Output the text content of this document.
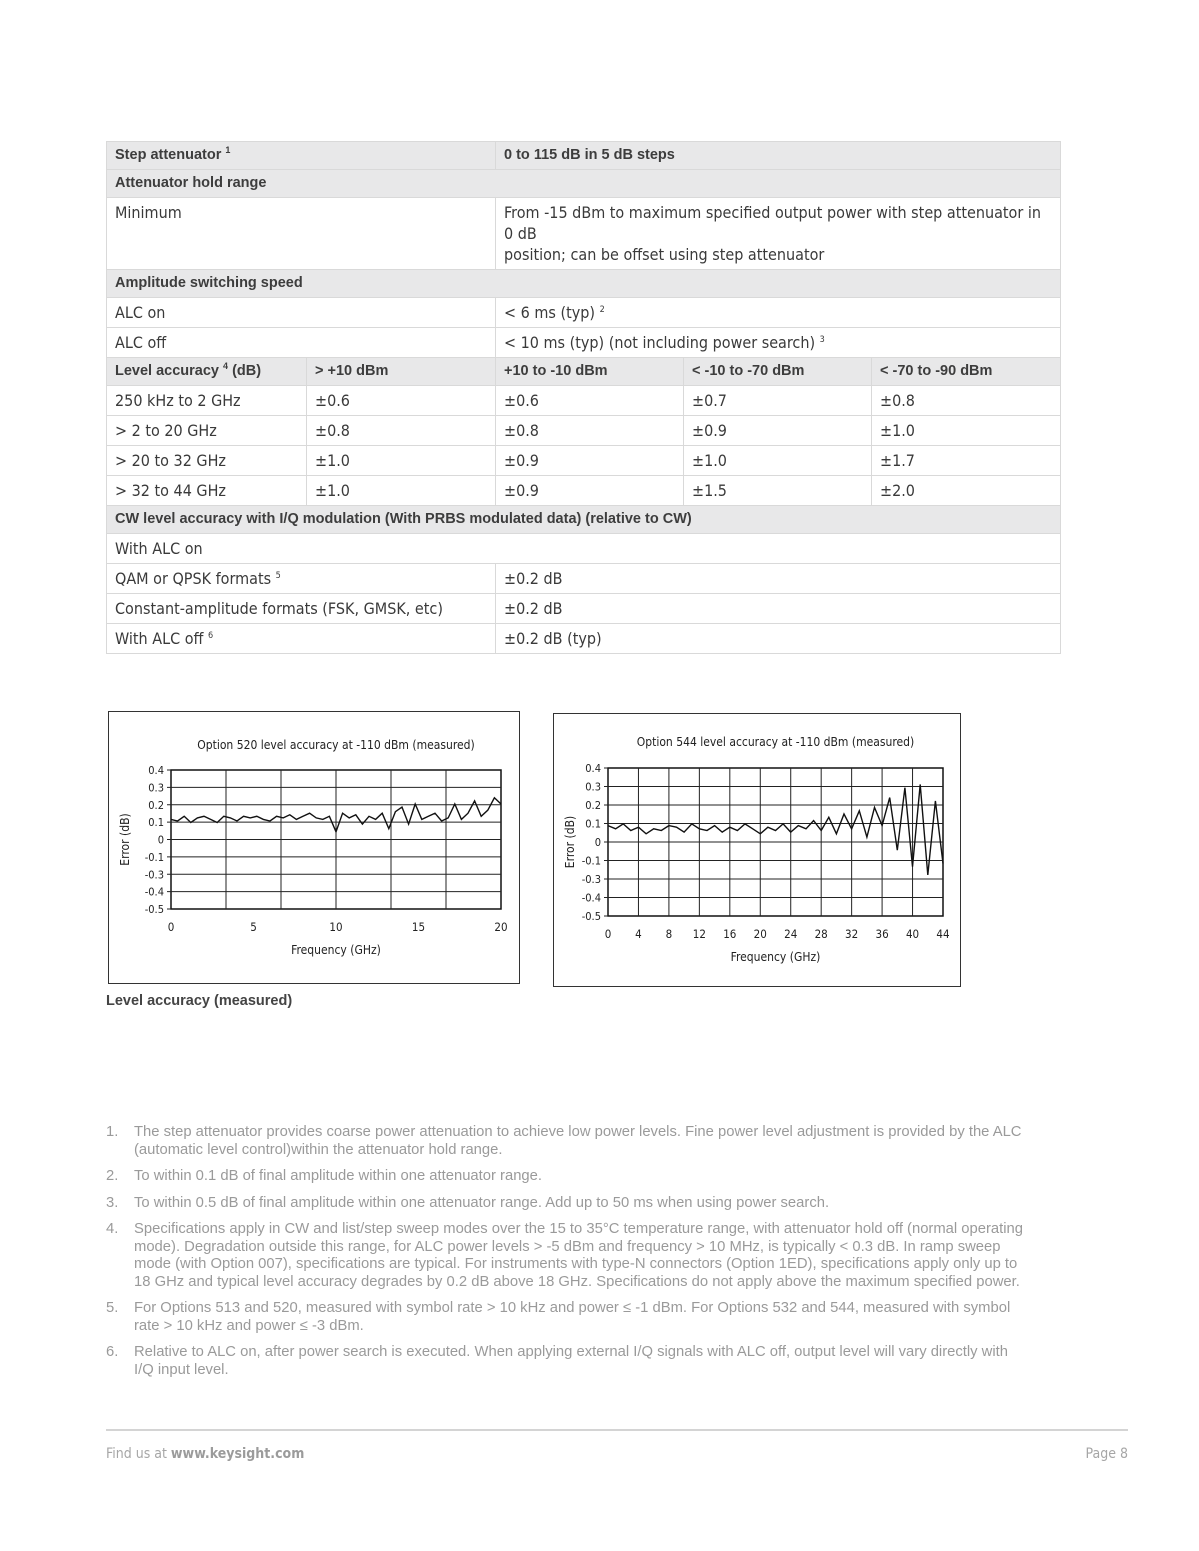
Step attenuator $^1$		0 to 115 dB in 5 dB steps		
Attenuator hold range				
Minimum		From -15 dBm to maximum specified output power with step attenuator in 0 dB
position; can be offset using step attenuator		
Amplitude switching speed				
ALC on		< 6 ms (typ) $^2$
ALC off		< 10 ms (typ) (not including power search) $^3$
Level accuracy $^4$ (dB)	> +10 dBm	+10 to -10 dBm	< -10 to -70 dBm	< -70 to -90 dBm
250 kHz to 2 GHz	±0.6	±0.6	±0.7	±0.8
> 2 to 20 GHz	±0.8	±0.8	±0.9	±1.0
> 20 to 32 GHz	±1.0	±0.9	±1.0	±1.7
> 32 to 44 GHz	±1.0	±0.9	±1.5	±2.0
CW level accuracy with I/Q modulation (With PRBS modulated data) (relative to CW)				
With ALC on				
QAM or QPSK formats $^5$		±0.2 dB		
Constant-amplitude formats (FSK, GMSK, etc)		±0.2 dB		
With ALC off $^6$		±0.2 dB (typ)		
Option 520 level accuracy at -110 dBm (measured)
0.4
0.3
0.2
0.1
0
-0.1
-0.3
-0.4
-0.5
0	5	10	15	20
Frequency (GHz)
Error (dB)
Option 544 level accuracy at -110 dBm (measured)
0.4
0.3
0.2
0.1
0
-0.1
-0.3
-0.4
-0.5
0 4 8 12 16 20 24 28 32 36 40 44
Frequency (GHz)
Error (dB)
Level accuracy (measured)
1.	The step attenuator provides coarse power attenuation to achieve low power levels. Fine power level adjustment is provided by the ALC (automatic level control)within the attenuator hold range.
2.	To within 0.1 dB of final amplitude within one attenuator range.
3.	To within 0.5 dB of final amplitude within one attenuator range. Add up to 50 ms when using power search.
4.	Specifications apply in CW and list/step sweep modes over the 15 to 35°C temperature range, with attenuator hold off (normal operating mode). Degradation outside this range, for ALC power levels > -5 dBm and frequency > 10 MHz, is typically < 0.3 dB. In ramp sweep mode (with Option 007), specifications are typical. For instruments with type-N connectors (Option 1ED), specifications apply only up to 18 GHz and typical level accuracy degrades by 0.2 dB above 18 GHz. Specifications do not apply above the maximum specified power.
5.	For Options 513 and 520, measured with symbol rate > 10 kHz and power ≤ -1 dBm. For Options 532 and 544, measured with symbol rate > 10 kHz and power ≤ -3 dBm.
6.	Relative to ALC on, after power search is executed. When applying external I/Q signals with ALC off, output level will vary directly with I/Q input level.
Find us at www.keysight.com	Page 8
